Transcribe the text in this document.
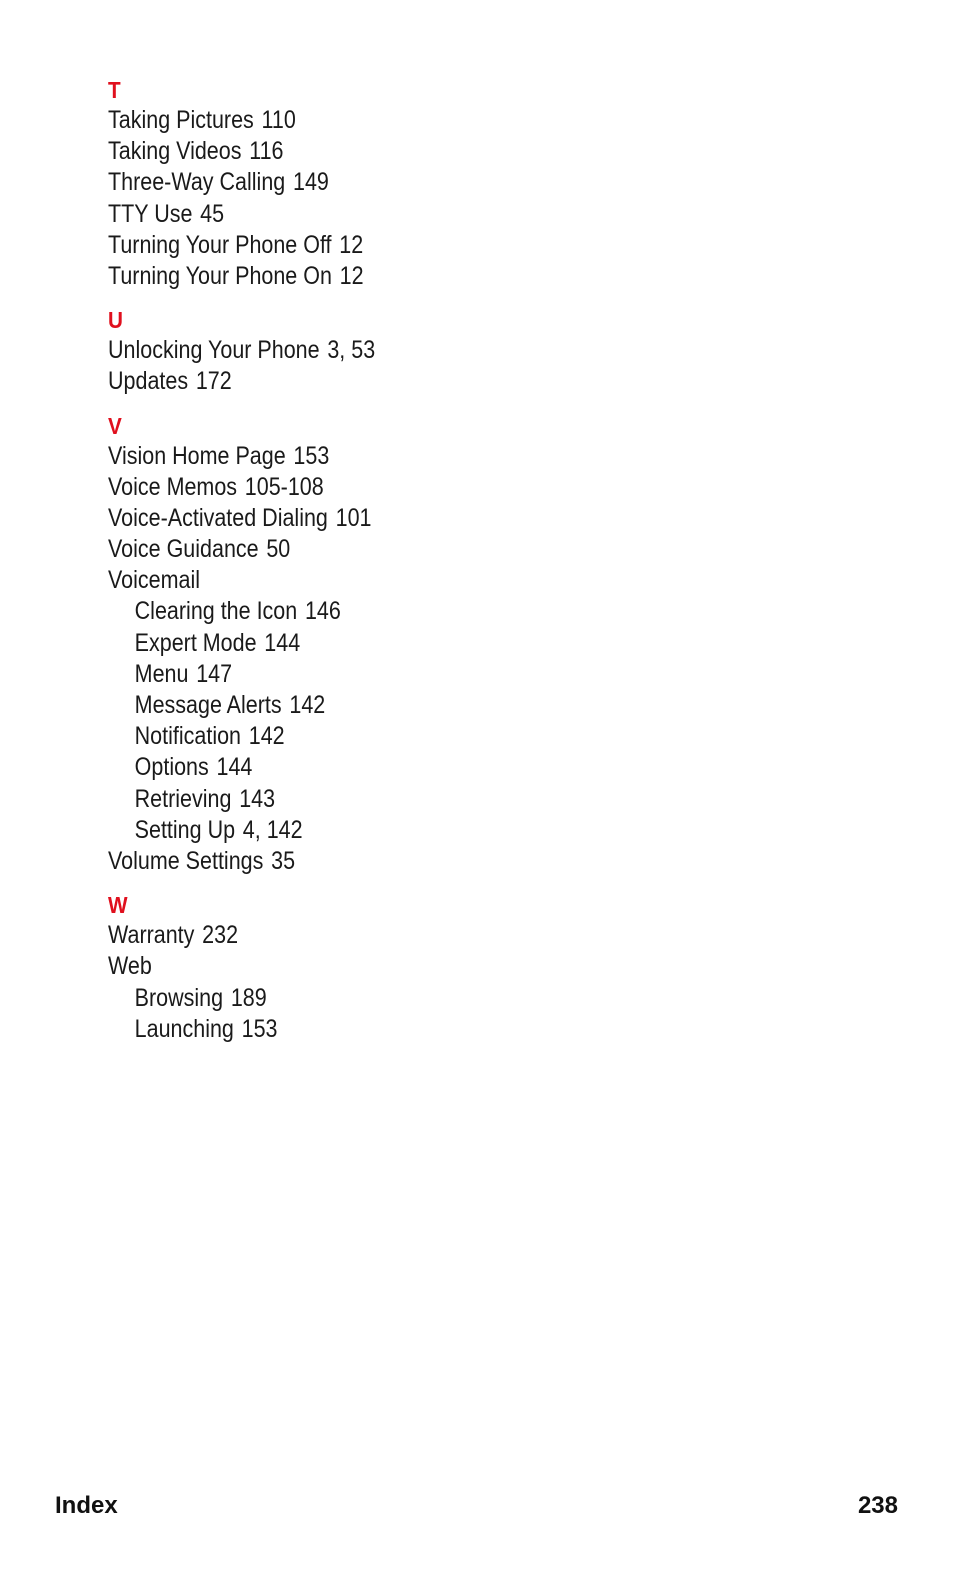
T
Taking Pictures 110
Taking Videos 116
Three-Way Calling 149
TTY Use 45
Turning Your Phone Off 12
Turning Your Phone On 12
U
Unlocking Your Phone 3, 53
Updates 172
V
Vision Home Page 153
Voice Memos 105-108
Voice-Activated Dialing 101
Voice Guidance 50
Voicemail
Clearing the Icon 146
Expert Mode 144
Menu 147
Message Alerts 142
Notification 142
Options 144
Retrieving 143
Setting Up 4, 142
Volume Settings 35
W
Warranty 232
Web
Browsing 189
Launching 153
Index	238
